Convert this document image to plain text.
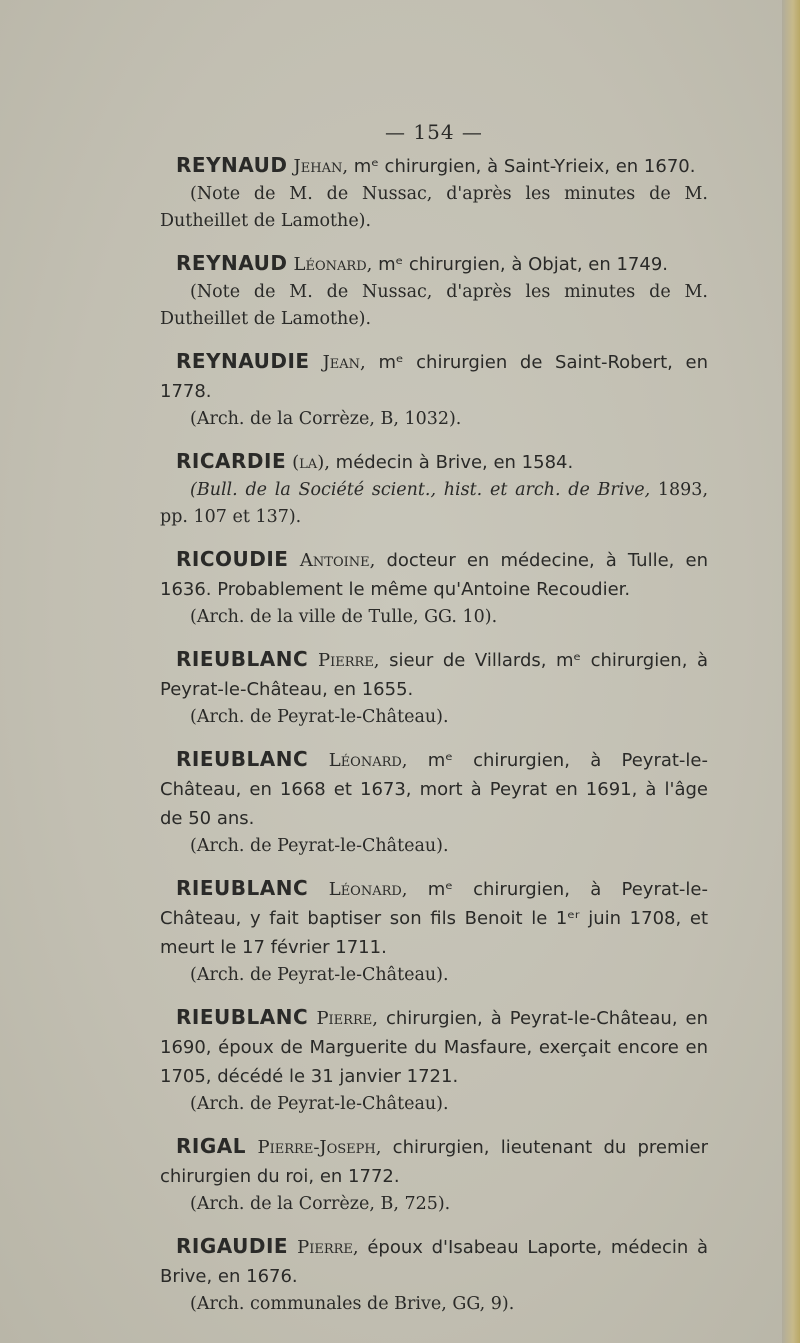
— 154 —

REYNAUD Jehan, mᵉ chirurgien, à Saint-Yrieix, en 1670.

(Note de M. de Nussac, d'après les minutes de M. Dutheillet de Lamothe).

REYNAUD Léonard, mᵉ chirurgien, à Objat, en 1749.

(Note de M. de Nussac, d'après les minutes de M. Dutheillet de Lamothe).

REYNAUDIE Jean, mᵉ chirurgien de Saint-Robert, en 1778.

(Arch. de la Corrèze, B, 1032).

RICARDIE (la), médecin à Brive, en 1584.

(Bull. de la Société scient., hist. et arch. de Brive, 1893, pp. 107 et 137).

RICOUDIE Antoine, docteur en médecine, à Tulle, en 1636. Probablement le même qu'Antoine Recoudier.

(Arch. de la ville de Tulle, GG. 10).

RIEUBLANC Pierre, sieur de Villards, mᵉ chirurgien, à Peyrat-le-Château, en 1655.

(Arch. de Peyrat-le-Château).

RIEUBLANC Léonard, mᵉ chirurgien, à Peyrat-le-Château, en 1668 et 1673, mort à Peyrat en 1691, à l'âge de 50 ans.

(Arch. de Peyrat-le-Château).

RIEUBLANC Léonard, mᵉ chirurgien, à Peyrat-le-Château, y fait baptiser son fils Benoit le 1ᵉʳ juin 1708, et meurt le 17 février 1711.

(Arch. de Peyrat-le-Château).

RIEUBLANC Pierre, chirurgien, à Peyrat-le-Château, en 1690, époux de Marguerite du Masfaure, exerçait encore en 1705, décédé le 31 janvier 1721.

(Arch. de Peyrat-le-Château).

RIGAL Pierre-Joseph, chirurgien, lieutenant du premier chirurgien du roi, en 1772.

(Arch. de la Corrèze, B, 725).

RIGAUDIE Pierre, époux d'Isabeau Laporte, médecin à Brive, en 1676.

(Arch. communales de Brive, GG, 9).
